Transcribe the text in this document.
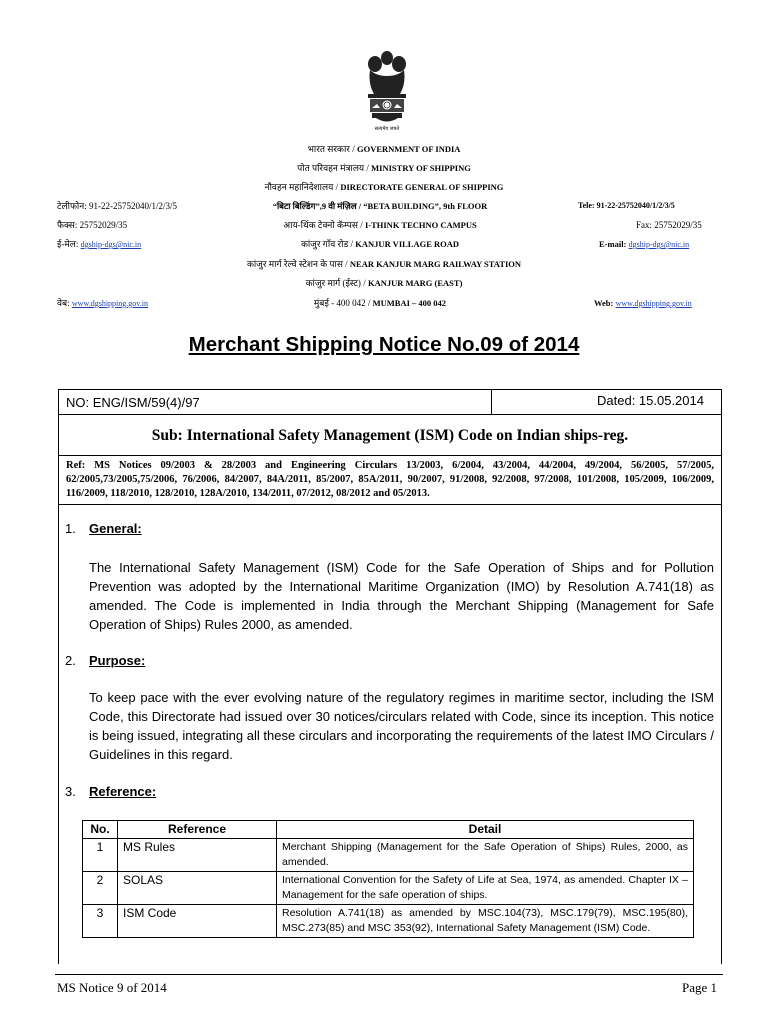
सत्यमेव जयते
भारत सरकार / GOVERNMENT OF INDIA
पोत परिवहन मंत्रालय / MINISTRY OF SHIPPING
नौवहन महानिदेशालय / DIRECTORATE GENERAL OF SHIPPING
टेलीफोन: 91-22-25752040/1/2/3/5	“बिटा बिल्डिंग”,9 वी मंज़िल / “BETA BUILDING”, 9th FLOOR	Tele: 91-22-25752040/1/2/3/5
फैक्स: 25752029/35	आय-थिंक टेक्नो कॅम्पस / I-THINK TECHNO CAMPUS	Fax: 25752029/35
ई-मेल: dgship-dgs@nic.in	कांजुर गाँव रोड / KANJUR VILLAGE ROAD	E-mail: dgship-dgs@nic.in
कांजुर मार्ग रेल्वे स्टेशन के पास / NEAR KANJUR MARG RAILWAY STATION
कांजुर मार्ग (ईस्ट) / KANJUR MARG (EAST)
वेब: www.dgshipping.gov.in	मुंबई - 400 042 / MUMBAI – 400 042	Web: www.dgshipping.gov.in
Merchant Shipping Notice No.09 of 2014
NO: ENG/ISM/59(4)/97	Dated: 15.05.2014
Sub: International Safety Management (ISM) Code on Indian ships-reg.
Ref: MS Notices 09/2003 & 28/2003 and Engineering Circulars 13/2003, 6/2004, 43/2004, 44/2004, 49/2004, 56/2005, 57/2005, 62/2005,73/2005,75/2006, 76/2006, 84/2007, 84A/2011, 85/2007, 85A/2011, 90/2007, 91/2008, 92/2008, 97/2008, 101/2008, 105/2009, 106/2009, 116/2009, 118/2010, 128/2010, 128A/2010, 134/2011, 07/2012, 08/2012 and 05/2013.
1. General:
The International Safety Management (ISM) Code for the Safe Operation of Ships and for Pollution Prevention was adopted by the International Maritime Organization (IMO) by Resolution A.741(18) as amended. The Code is implemented in India through the Merchant Shipping (Management for Safe Operation of Ships) Rules 2000, as amended.
2. Purpose:
To keep pace with the ever evolving nature of the regulatory regimes in maritime sector, including the ISM Code, this Directorate had issued over 30 notices/circulars related with Code, since its inception. This notice is being issued, integrating all these circulars and incorporating the requirements of the latest IMO Circulars / Guidelines in this regard.
3. Reference:
No.	Reference	Detail
1	MS Rules	Merchant Shipping (Management for the Safe Operation of Ships) Rules, 2000, as amended.
2	SOLAS	International Convention for the Safety of Life at Sea, 1974, as amended. Chapter IX – Management for the safe operation of ships.
3	ISM Code	Resolution A.741(18) as amended by MSC.104(73), MSC.179(79), MSC.195(80), MSC.273(85) and MSC 353(92), International Safety Management (ISM) Code.
MS Notice 9 of 2014	Page 1
